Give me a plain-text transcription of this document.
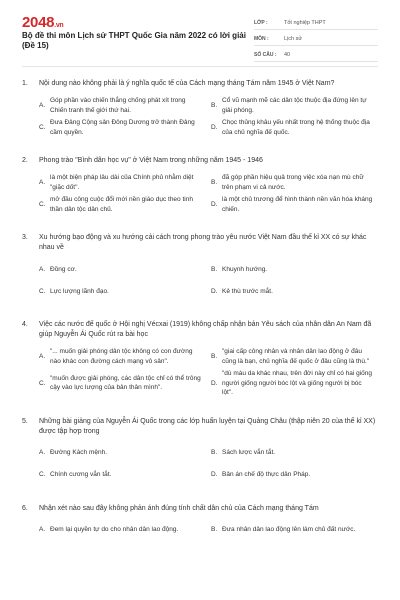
2048.vn
Bộ đề thi môn Lịch sử THPT Quốc Gia năm 2022 có lời giải (Đề 15)
LỚP :	Tốt nghiệp THPT
MÔN :	Lịch sử
SỐ CÂU :	40
1.	Nội dung nào không phải là ý nghĩa quốc tế của Cách mạng tháng Tám năm 1945 ở Việt Nam?
A.
Góp phần vào chiến thắng chống phát xít trong Chiến tranh thế giới thứ hai.
B.
Cổ vũ mạnh mẽ các dân tộc thuộc địa đứng lên tự giải phóng.
C.
Đưa Đảng Cộng sản Đông Dương trở thành Đảng cầm quyền.
D.
Chọc thủng khâu yếu nhất trong hệ thống thuộc địa của chủ nghĩa đế quốc.
2.	Phong trào "Bình dân học vụ" ở Việt Nam trong những năm 1945 - 1946
A.
là một biện pháp lâu dài của Chính phủ nhằm diệt "giặc dốt".
B.
đã góp phần hiệu quả trong việc xóa nạn mù chữ trên phạm vi cả nước.
C.
mở đầu công cuộc đổi mới nền giáo dục theo tinh thần dân tộc dân chủ.
D.
là một chủ trương để hình thành nền văn hóa kháng chiến.
3.	Xu hướng bạo động và xu hướng cải cách trong phong trào yêu nước Việt Nam đầu thế kỉ XX có sự khác nhau về
A. Đồng cơ.	B. Khuynh hướng.
C. Lực lượng lãnh đạo.	D. Kẻ thù trước mắt.
4.	Việc các nước đế quốc ở Hội nghị Vécxai (1919) không chấp nhận bản Yêu sách của nhân dân An Nam đã giúp Nguyễn Ái Quốc rút ra bài học
A.
"... muốn giải phóng dân tộc không có con đường nào khác con đường cách mạng vô sản".
B.
"giai cấp công nhân và nhân dân lao động ở đâu cũng là bạn, chủ nghĩa đế quốc ở đâu cũng là thù."
C.
"muốn được giải phóng, các dân tộc chỉ có thể trông cậy vào lực lượng của bản thân mình".
D.
"dù màu da khác nhau, trên đời này chỉ có hai giống người giống người bóc lột và giống người bị bóc lột".
5.	Những bài giảng của Nguyễn Ái Quốc trong các lớp huấn luyện tại Quảng Châu (thập niên 20 của thế kỉ XX) được tập hợp trong
A. Đường Kách mệnh.	B. Sách lược vắn tắt.
C. Chính cương vắn tắt.	D. Bản án chế độ thực dân Pháp.
6.	Nhận xét nào sau đây không phản ánh đúng tính chất dân chủ của Cách mạng tháng Tám
A. Đem lại quyền tự do cho nhân dân lao động.	B. Đưa nhân dân lao động lên làm chủ đất nước.
